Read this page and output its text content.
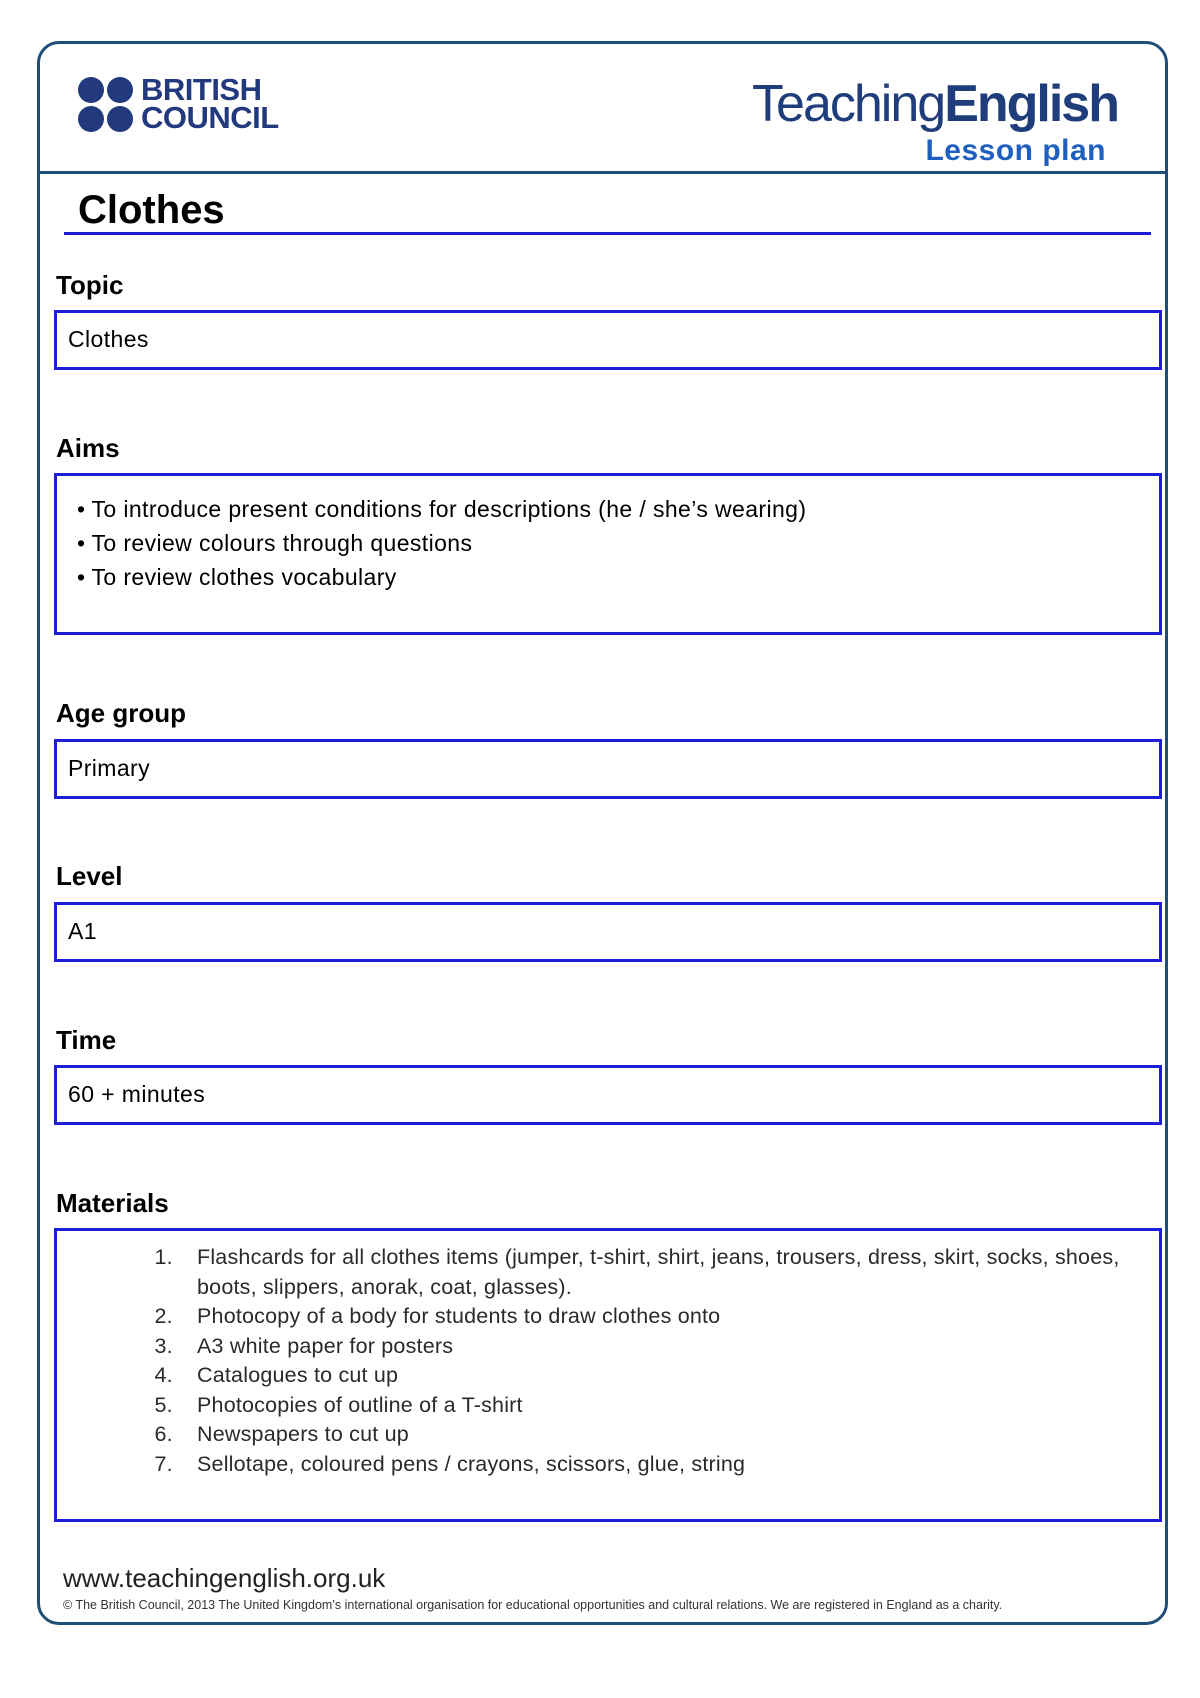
BRITISH
COUNCIL	TeachingEnglish
Lesson plan
Clothes
Topic
Clothes
Aims
• To introduce present conditions for descriptions (he / she’s wearing)
• To review colours through questions
• To review clothes vocabulary
Age group
Primary
Level
A1
Time
60 + minutes
Materials
1. Flashcards for all clothes items (jumper, t-shirt, shirt, jeans, trousers, dress, skirt, socks, shoes, boots, slippers, anorak, coat, glasses).
2. Photocopy of a body for students to draw clothes onto
3. A3 white paper for posters
4. Catalogues to cut up
5. Photocopies of outline of a T-shirt
6. Newspapers to cut up
7. Sellotape, coloured pens / crayons, scissors, glue, string
www.teachingenglish.org.uk
© The British Council, 2013 The United Kingdom’s international organisation for educational opportunities and cultural relations. We are registered in England as a charity.
